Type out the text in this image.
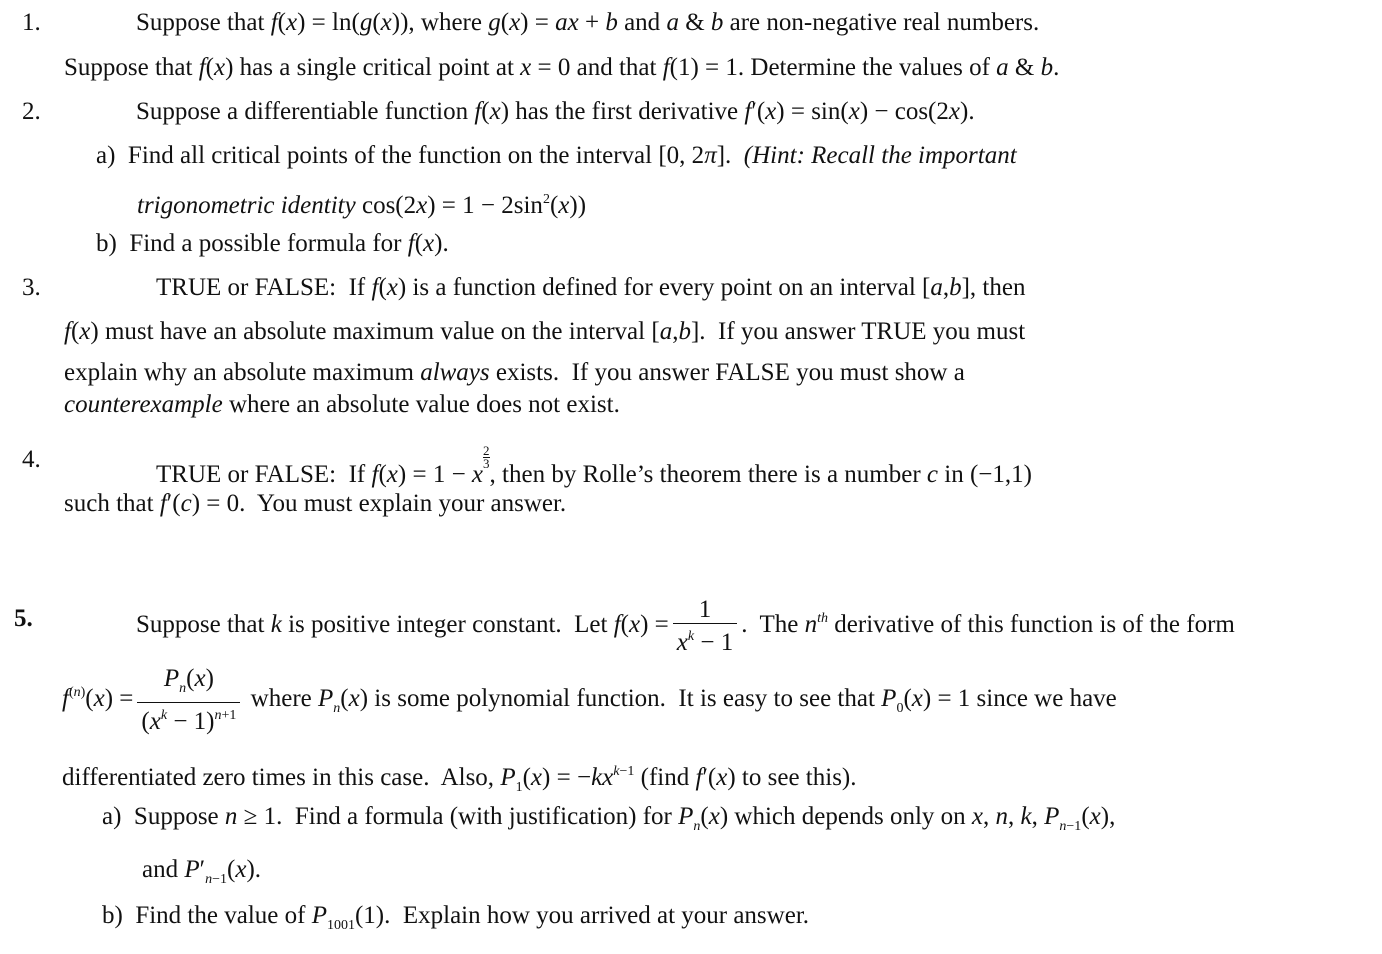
1.	Suppose that f(x) = ln(g(x)), where g(x) = ax + b and a & b are non-negative real numbers.
Suppose that f(x) has a single critical point at x = 0 and that f(1) = 1. Determine the values of a & b.
2.	Suppose a differentiable function f(x) has the first derivative f′(x) = sin(x) − cos(2x).
a)  Find all critical points of the function on the interval [0, 2π].  (Hint: Recall the important
trigonometric identity $\cos(2x) = 1 - 2\sin^2(x)$)
b)  Find a possible formula for f(x).
3.	TRUE or FALSE:  If f(x) is a function defined for every point on an interval [a,b], then
f(x) must have an absolute maximum value on the interval [a,b].  If you answer TRUE you must
explain why an absolute maximum always exists.  If you answer FALSE you must show a
counterexample where an absolute value does not exist.
4.
TRUE or FALSE:  If f(x) = 1 − x
$\frac{2}{3}$
, then by Rolle’s theorem there is a number c in (−1,1)
such that f′(c) = 0.  You must explain your answer.
5.	Suppose that k is positive integer constant.  Let $f(x) = \frac{1}{x^k - 1}$ .  The $n^{th}$ derivative of this function is of the form
$f^{(n)}(x) = \frac{P_n(x)}{(x^k - 1)^{n+1}}$ where $P_n(x)$ is some polynomial function.  It is easy to see that $P_0(x) = 1$ since we have
differentiated zero times in this case.  Also, $P_1(x) = -kx^{k-1}$ (find f′(x) to see this).
a)  Suppose n ≥ 1.  Find a formula (with justification) for $P_n(x)$ which depends only on x, n, k, $P_{n-1}(x)$,
and $P'_{n-1}(x)$.
b)  Find the value of $P_{1001}(1)$.  Explain how you arrived at your answer.
